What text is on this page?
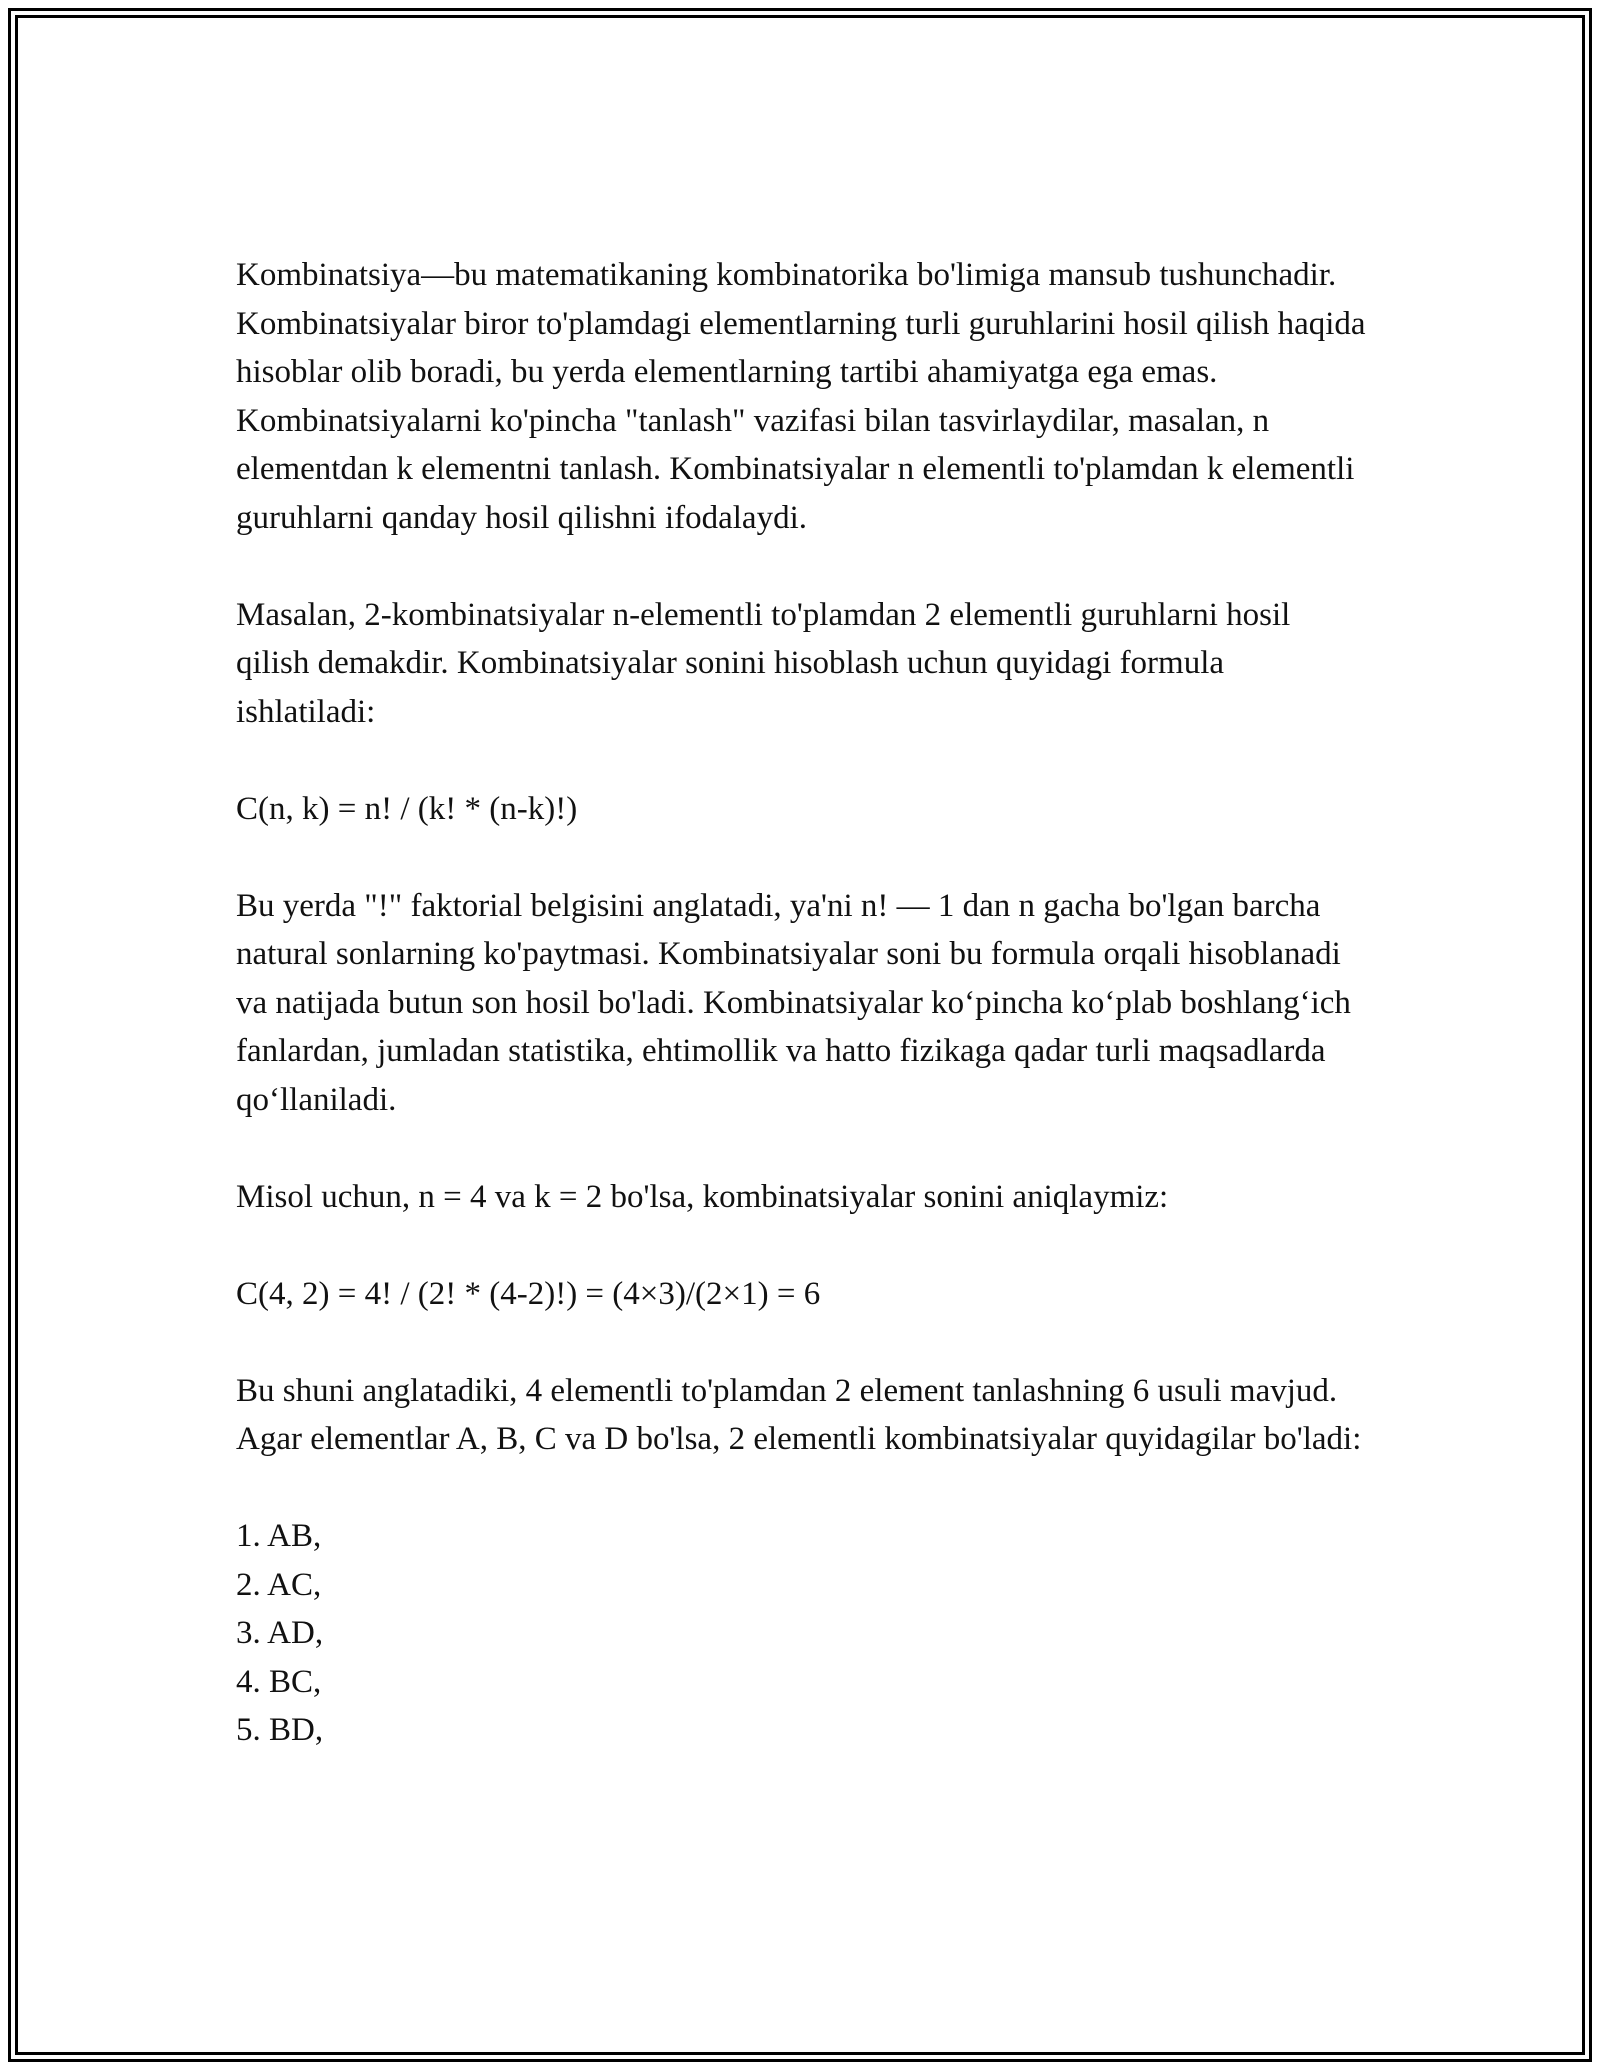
Kombinatsiya—bu matematikaning kombinatorika bo'limiga mansub tushunchadir. Kombinatsiyalar biror to'plamdagi elementlarning turli guruhlarini hosil qilish haqida hisoblar olib boradi, bu yerda elementlarning tartibi ahamiyatga ega emas. Kombinatsiyalarni ko'pincha "tanlash" vazifasi bilan tasvirlaydilar, masalan, n elementdan k elementni tanlash. Kombinatsiyalar n elementli to'plamdan k elementli guruhlarni qanday hosil qilishni ifodalaydi.

Masalan, 2-kombinatsiyalar n-elementli to'plamdan 2 elementli guruhlarni hosil qilish demakdir. Kombinatsiyalar sonini hisoblash uchun quyidagi formula ishlatiladi:

C(n, k) = n! / (k! * (n-k)!)

Bu yerda "!" faktorial belgisini anglatadi, ya'ni n! — 1 dan n gacha bo'lgan barcha natural sonlarning ko'paytmasi. Kombinatsiyalar soni bu formula orqali hisoblanadi va natijada butun son hosil bo'ladi. Kombinatsiyalar ko‘pincha ko‘plab boshlang‘ich fanlardan, jumladan statistika, ehtimollik va hatto fizikaga qadar turli maqsadlarda qo‘llaniladi.

Misol uchun, n = 4 va k = 2 bo'lsa, kombinatsiyalar sonini aniqlaymiz:

C(4, 2) = 4! / (2! * (4-2)!) = (4×3)/(2×1) = 6

Bu shuni anglatadiki, 4 elementli to'plamdan 2 element tanlashning 6 usuli mavjud. Agar elementlar A, B, C va D bo'lsa, 2 elementli kombinatsiyalar quyidagilar bo'ladi:

1. AB,
2. AC,
3. AD,
4. BC,
5. BD,
